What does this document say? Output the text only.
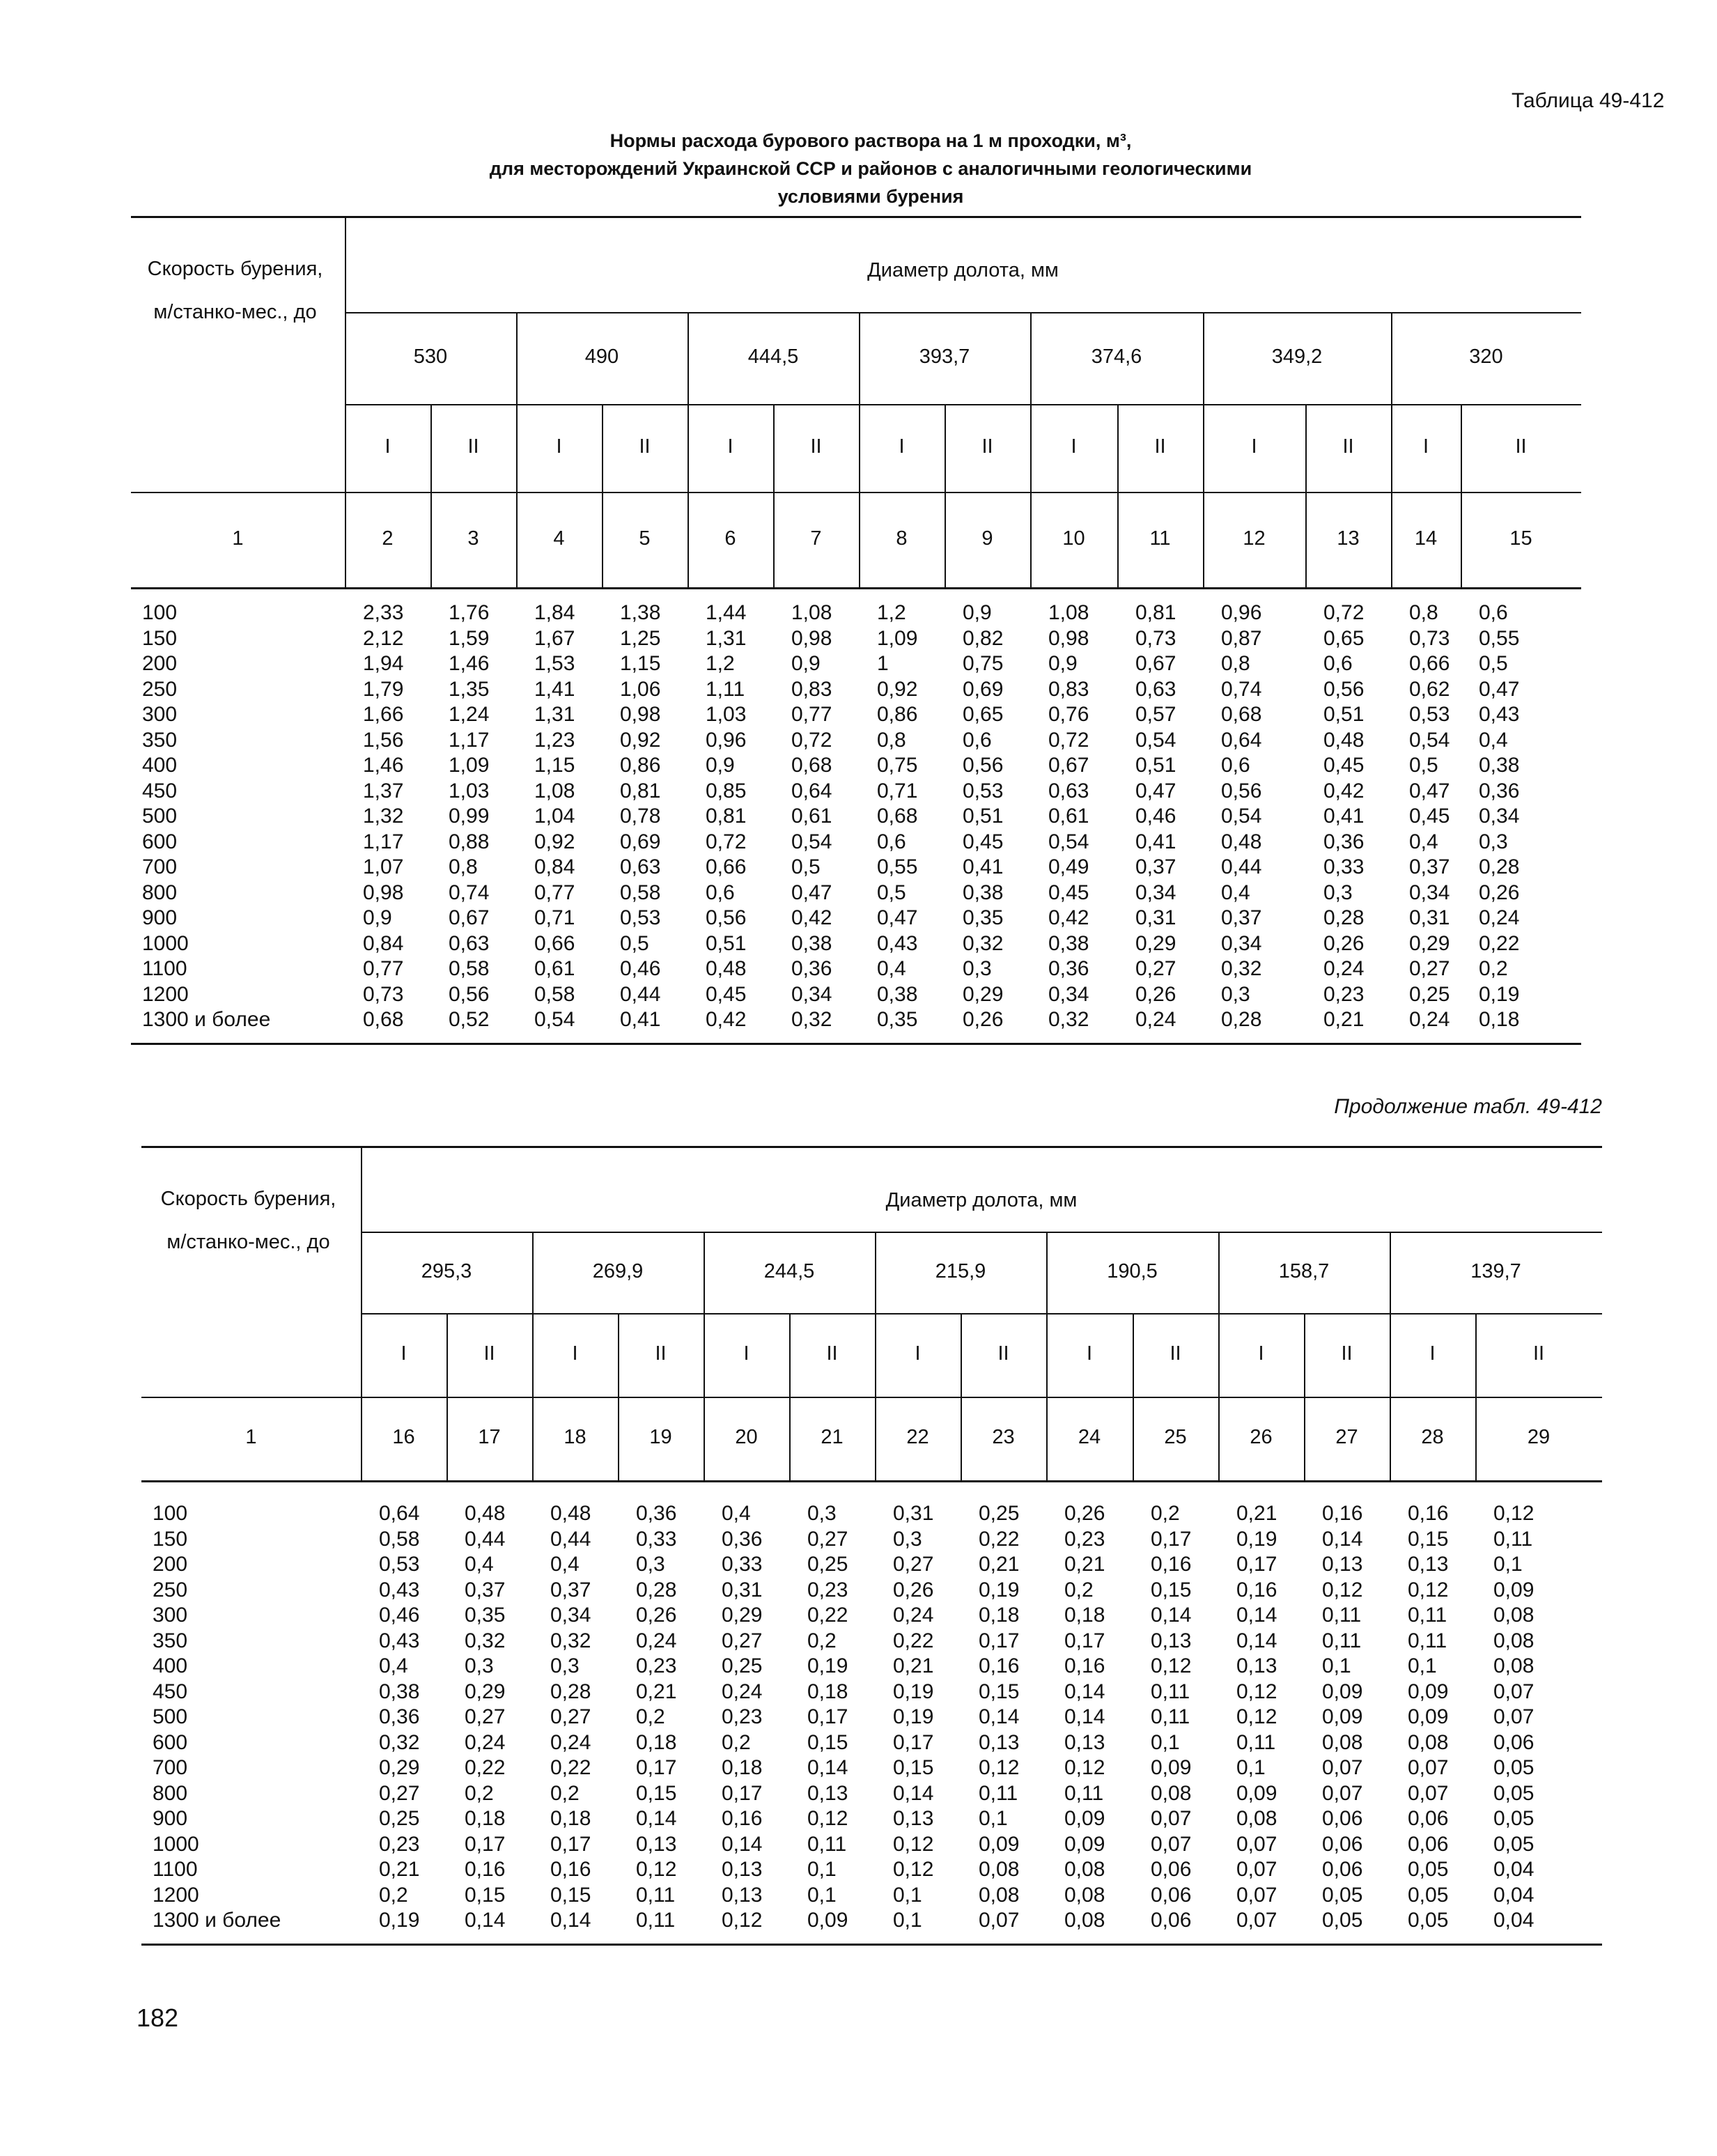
Таблица 49-412
Нормы расхода бурового раствора на 1 м проходки, м³,
для месторождений Украинской ССР и районов с аналогичными геологическими
условиями бурения
Скорость бурения,
м/станко-мес., до
Диаметр долота, мм
530	490	444,5	393,7	374,6	349,2	320
I	II	I	II	I	II	I	II	I	II	I	II	I	II
1	2	3	4	5	6	7	8	9	10	11	12	13	14	15
100	2,33 1,76 1,84 1,38 1,44 1,08 1,2	0,9	1,08 0,81 0,96	0,72 0,8 0,6
150	2,12 1,59 1,67 1,25 1,31 0,98 1,09 0,82 0,98 0,73 0,87	0,65 0,73 0,55
200	1,94 1,46 1,53 1,15 1,2	0,9	1	0,75 0,9	0,67 0,8	0,6	0,66 0,5
250	1,79 1,35 1,41 1,06 1,11 0,83 0,92 0,69 0,83 0,63 0,74	0,56 0,62 0,47
300	1,66 1,24 1,31 0,98 1,03 0,77 0,86 0,65 0,76 0,57 0,68	0,51 0,53 0,43
350	1,56 1,17 1,23 0,92 0,96 0,72 0,8	0,6	0,72 0,54 0,64	0,48 0,54 0,4
400	1,46 1,09 1,15 0,86 0,9	0,68 0,75 0,56 0,67 0,51 0,6	0,45 0,5 0,38
450	1,37 1,03 1,08 0,81 0,85 0,64 0,71 0,53 0,63 0,47 0,56	0,42 0,47 0,36
500	1,32 0,99 1,04 0,78 0,81 0,61 0,68 0,51 0,61 0,46 0,54	0,41 0,45 0,34
600	1,17 0,88 0,92 0,69 0,72 0,54 0,6	0,45 0,54 0,41 0,48	0,36 0,4 0,3
700	1,07 0,8	0,84 0,63 0,66 0,5	0,55 0,41 0,49 0,37 0,44	0,33 0,37 0,28
800	0,98 0,74 0,77 0,58 0,6	0,47 0,5	0,38 0,45 0,34 0,4	0,3	0,34 0,26
900	0,9	0,67 0,71 0,53 0,56 0,42 0,47 0,35 0,42 0,31 0,37	0,28 0,31 0,24
1000	0,84 0,63 0,66 0,5	0,51 0,38 0,43 0,32 0,38 0,29 0,34	0,26 0,29 0,22
1100	0,77 0,58 0,61 0,46 0,48 0,36 0,4	0,3	0,36 0,27 0,32	0,24 0,27 0,2
1200	0,73 0,56 0,58 0,44 0,45 0,34 0,38 0,29 0,34 0,26 0,3	0,23 0,25 0,19
1300 и более	0,68 0,52 0,54 0,41 0,42 0,32 0,35 0,26 0,32 0,24 0,28	0,21 0,24 0,18
Продолжение табл. 49-412
Скорость бурения,
м/станко-мес., до
Диаметр долота, мм
295,3	269,9	244,5	215,9	190,5	158,7	139,7
I	II	I	II	I	II	I	II	I	II	I	II	I	II
1	16	17	18	19	20	21	22	23	24	25	26	27	28	29
100	0,64 0,48 0,48 0,36 0,4	0,3	0,31 0,25 0,26 0,2	0,21 0,16 0,16 0,12
150	0,58 0,44 0,44 0,33 0,36 0,27 0,3	0,22 0,23 0,17 0,19 0,14 0,15 0,11
200	0,53 0,4	0,4	0,3	0,33 0,25 0,27 0,21 0,21 0,16 0,17 0,13 0,13 0,1
250	0,43 0,37 0,37 0,28 0,31 0,23 0,26 0,19 0,2	0,15 0,16 0,12 0,12 0,09
300	0,46 0,35 0,34 0,26 0,29 0,22 0,24 0,18 0,18 0,14 0,14 0,11 0,11 0,08
350	0,43 0,32 0,32 0,24 0,27 0,2	0,22 0,17 0,17 0,13 0,14 0,11 0,11 0,08
400	0,4	0,3	0,3	0,23 0,25 0,19 0,21 0,16 0,16 0,12 0,13 0,1	0,1	0,08
450	0,38 0,29 0,28 0,21 0,24 0,18 0,19 0,15 0,14 0,11 0,12 0,09 0,09 0,07
500	0,36 0,27 0,27 0,2	0,23 0,17 0,19 0,14 0,14 0,11 0,12 0,09 0,09 0,07
600	0,32 0,24 0,24 0,18 0,2	0,15 0,17 0,13 0,13 0,1	0,11 0,08 0,08 0,06
700	0,29 0,22 0,22 0,17 0,18 0,14 0,15 0,12 0,12 0,09 0,1	0,07 0,07 0,05
800	0,27 0,2	0,2	0,15 0,17 0,13 0,14 0,11 0,11 0,08 0,09 0,07 0,07 0,05
900	0,25 0,18 0,18 0,14 0,16 0,12 0,13 0,1	0,09 0,07 0,08 0,06 0,06 0,05
1000	0,23 0,17 0,17 0,13 0,14 0,11 0,12 0,09 0,09 0,07 0,07 0,06 0,06 0,05
1100	0,21 0,16 0,16 0,12 0,13 0,1	0,12 0,08 0,08 0,06 0,07 0,06 0,05 0,04
1200	0,2	0,15 0,15 0,11 0,13 0,1	0,1	0,08 0,08 0,06 0,07 0,05 0,05 0,04
1300 и более	0,19 0,14 0,14 0,11 0,12 0,09 0,1	0,07 0,08 0,06 0,07 0,05 0,05 0,04
182
